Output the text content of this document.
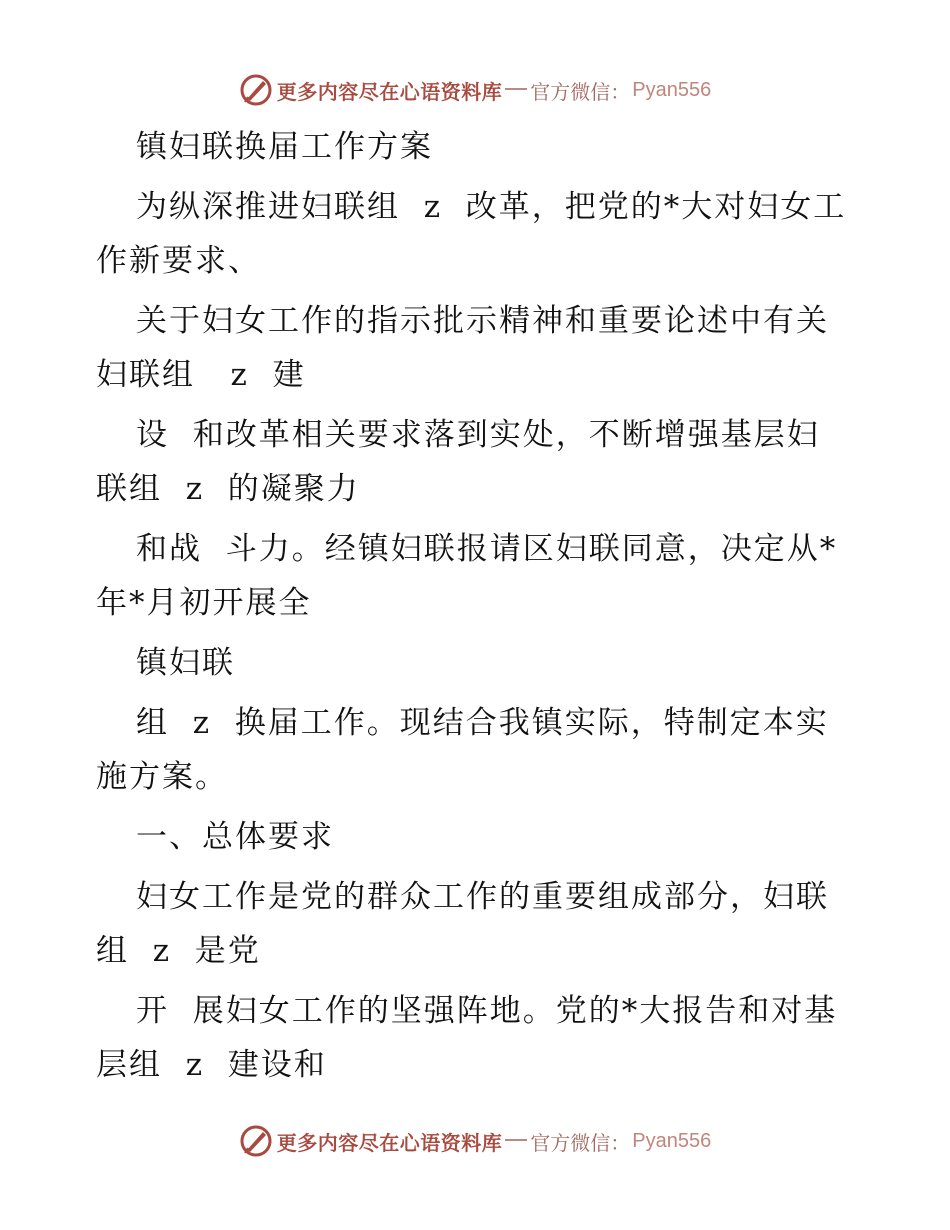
更多内容尽在心语资料库 官方微信： Pyan556
镇妇联换届工作方案
为纵深推进妇联组  z  改革，把党的*大对妇女工
作新要求、
关于妇女工作的指示批示精神和重要论述中有关
妇联组   z  建
设  和改革相关要求落到实处，不断增强基层妇
联组  z  的凝聚力
和战  斗力。经镇妇联报请区妇联同意，决定从*
年*月初开展全
镇妇联
组  z  换届工作。现结合我镇实际，特制定本实
施方案。
一、总体要求
妇女工作是党的群众工作的重要组成部分，妇联
组  z  是党
开  展妇女工作的坚强阵地。党的*大报告和对基
层组  z  建设和
更多内容尽在心语资料库 官方微信： Pyan556
